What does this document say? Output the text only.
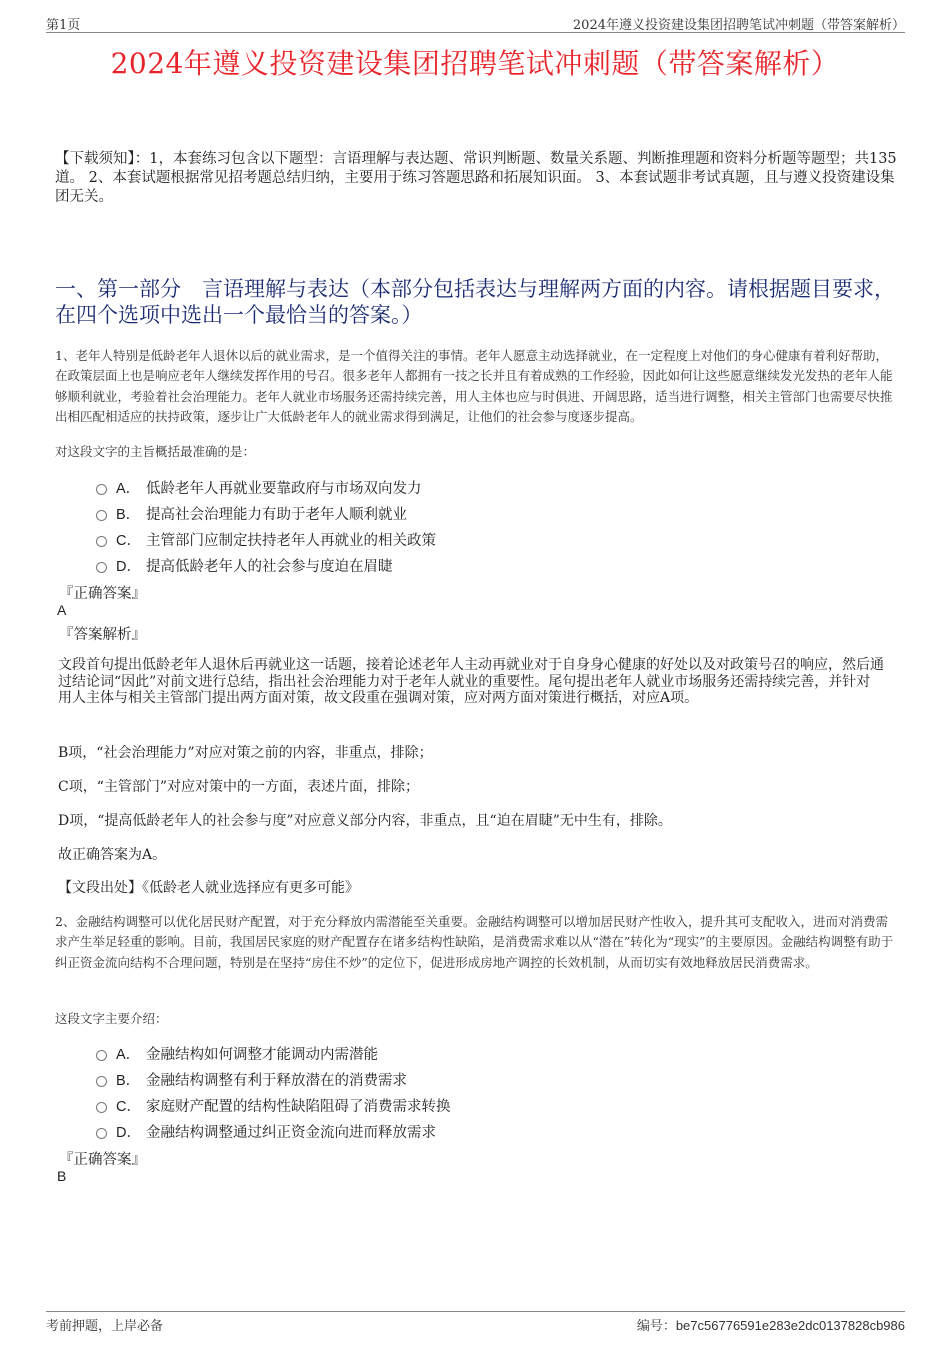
第1页	2024年遵义投资建设集团招聘笔试冲刺题（带答案解析）
2024年遵义投资建设集团招聘笔试冲刺题（带答案解析）
【下载须知】：1，本套练习包含以下题型：言语理解与表达题、常识判断题、数量关系题、判断推理题和资料分析题等题型；共135道。 2、本套试题根据常见招考题总结归纳，主要用于练习答题思路和拓展知识面。 3、本套试题非考试真题，且与遵义投资建设集团无关。
一、第一部分　言语理解与表达（本部分包括表达与理解两方面的内容。请根据题目要求，在四个选项中选出一个最恰当的答案。）
1、老年人特别是低龄老年人退休以后的就业需求，是一个值得关注的事情。老年人愿意主动选择就业，在一定程度上对他们的身心健康有着利好帮助，在政策层面上也是响应老年人继续发挥作用的号召。很多老年人都拥有一技之长并且有着成熟的工作经验，因此如何让这些愿意继续发光发热的老年人能够顺利就业，考验着社会治理能力。老年人就业市场服务还需持续完善，用人主体也应与时俱进、开阔思路，适当进行调整，相关主管部门也需要尽快推出相匹配相适应的扶持政策，逐步让广大低龄老年人的就业需求得到满足，让他们的社会参与度逐步提高。
对这段文字的主旨概括最准确的是：
A． 低龄老年人再就业要靠政府与市场双向发力
B． 提高社会治理能力有助于老年人顺利就业
C． 主管部门应制定扶持老年人再就业的相关政策
D． 提高低龄老年人的社会参与度迫在眉睫
『正确答案』
A
『答案解析』
文段首句提出低龄老年人退休后再就业这一话题，接着论述老年人主动再就业对于自身身心健康的好处以及对政策号召的响应，然后通过结论词“因此”对前文进行总结，指出社会治理能力对于老年人就业的重要性。尾句提出老年人就业市场服务还需持续完善，并针对用人主体与相关主管部门提出两方面对策，故文段重在强调对策，应对两方面对策进行概括，对应A项。
B项，“社会治理能力”对应对策之前的内容，非重点，排除；
C项，“主管部门”对应对策中的一方面，表述片面，排除；
D项，“提高低龄老年人的社会参与度”对应意义部分内容，非重点，且“迫在眉睫”无中生有，排除。
故正确答案为A。
【文段出处】《低龄老人就业选择应有更多可能》
2、金融结构调整可以优化居民财产配置，对于充分释放内需潜能至关重要。金融结构调整可以增加居民财产性收入，提升其可支配收入，进而对消费需求产生举足轻重的影响。目前，我国居民家庭的财产配置存在诸多结构性缺陷，是消费需求难以从“潜在”转化为“现实”的主要原因。金融结构调整有助于纠正资金流向结构不合理问题，特别是在坚持“房住不炒”的定位下，促进形成房地产调控的长效机制，从而切实有效地释放居民消费需求。
这段文字主要介绍：
A． 金融结构如何调整才能调动内需潜能
B． 金融结构调整有利于释放潜在的消费需求
C． 家庭财产配置的结构性缺陷阻碍了消费需求转换
D． 金融结构调整通过纠正资金流向进而释放需求
『正确答案』
B
考前押题，上岸必备	编号：be7c56776591e283e2dc0137828cb986
